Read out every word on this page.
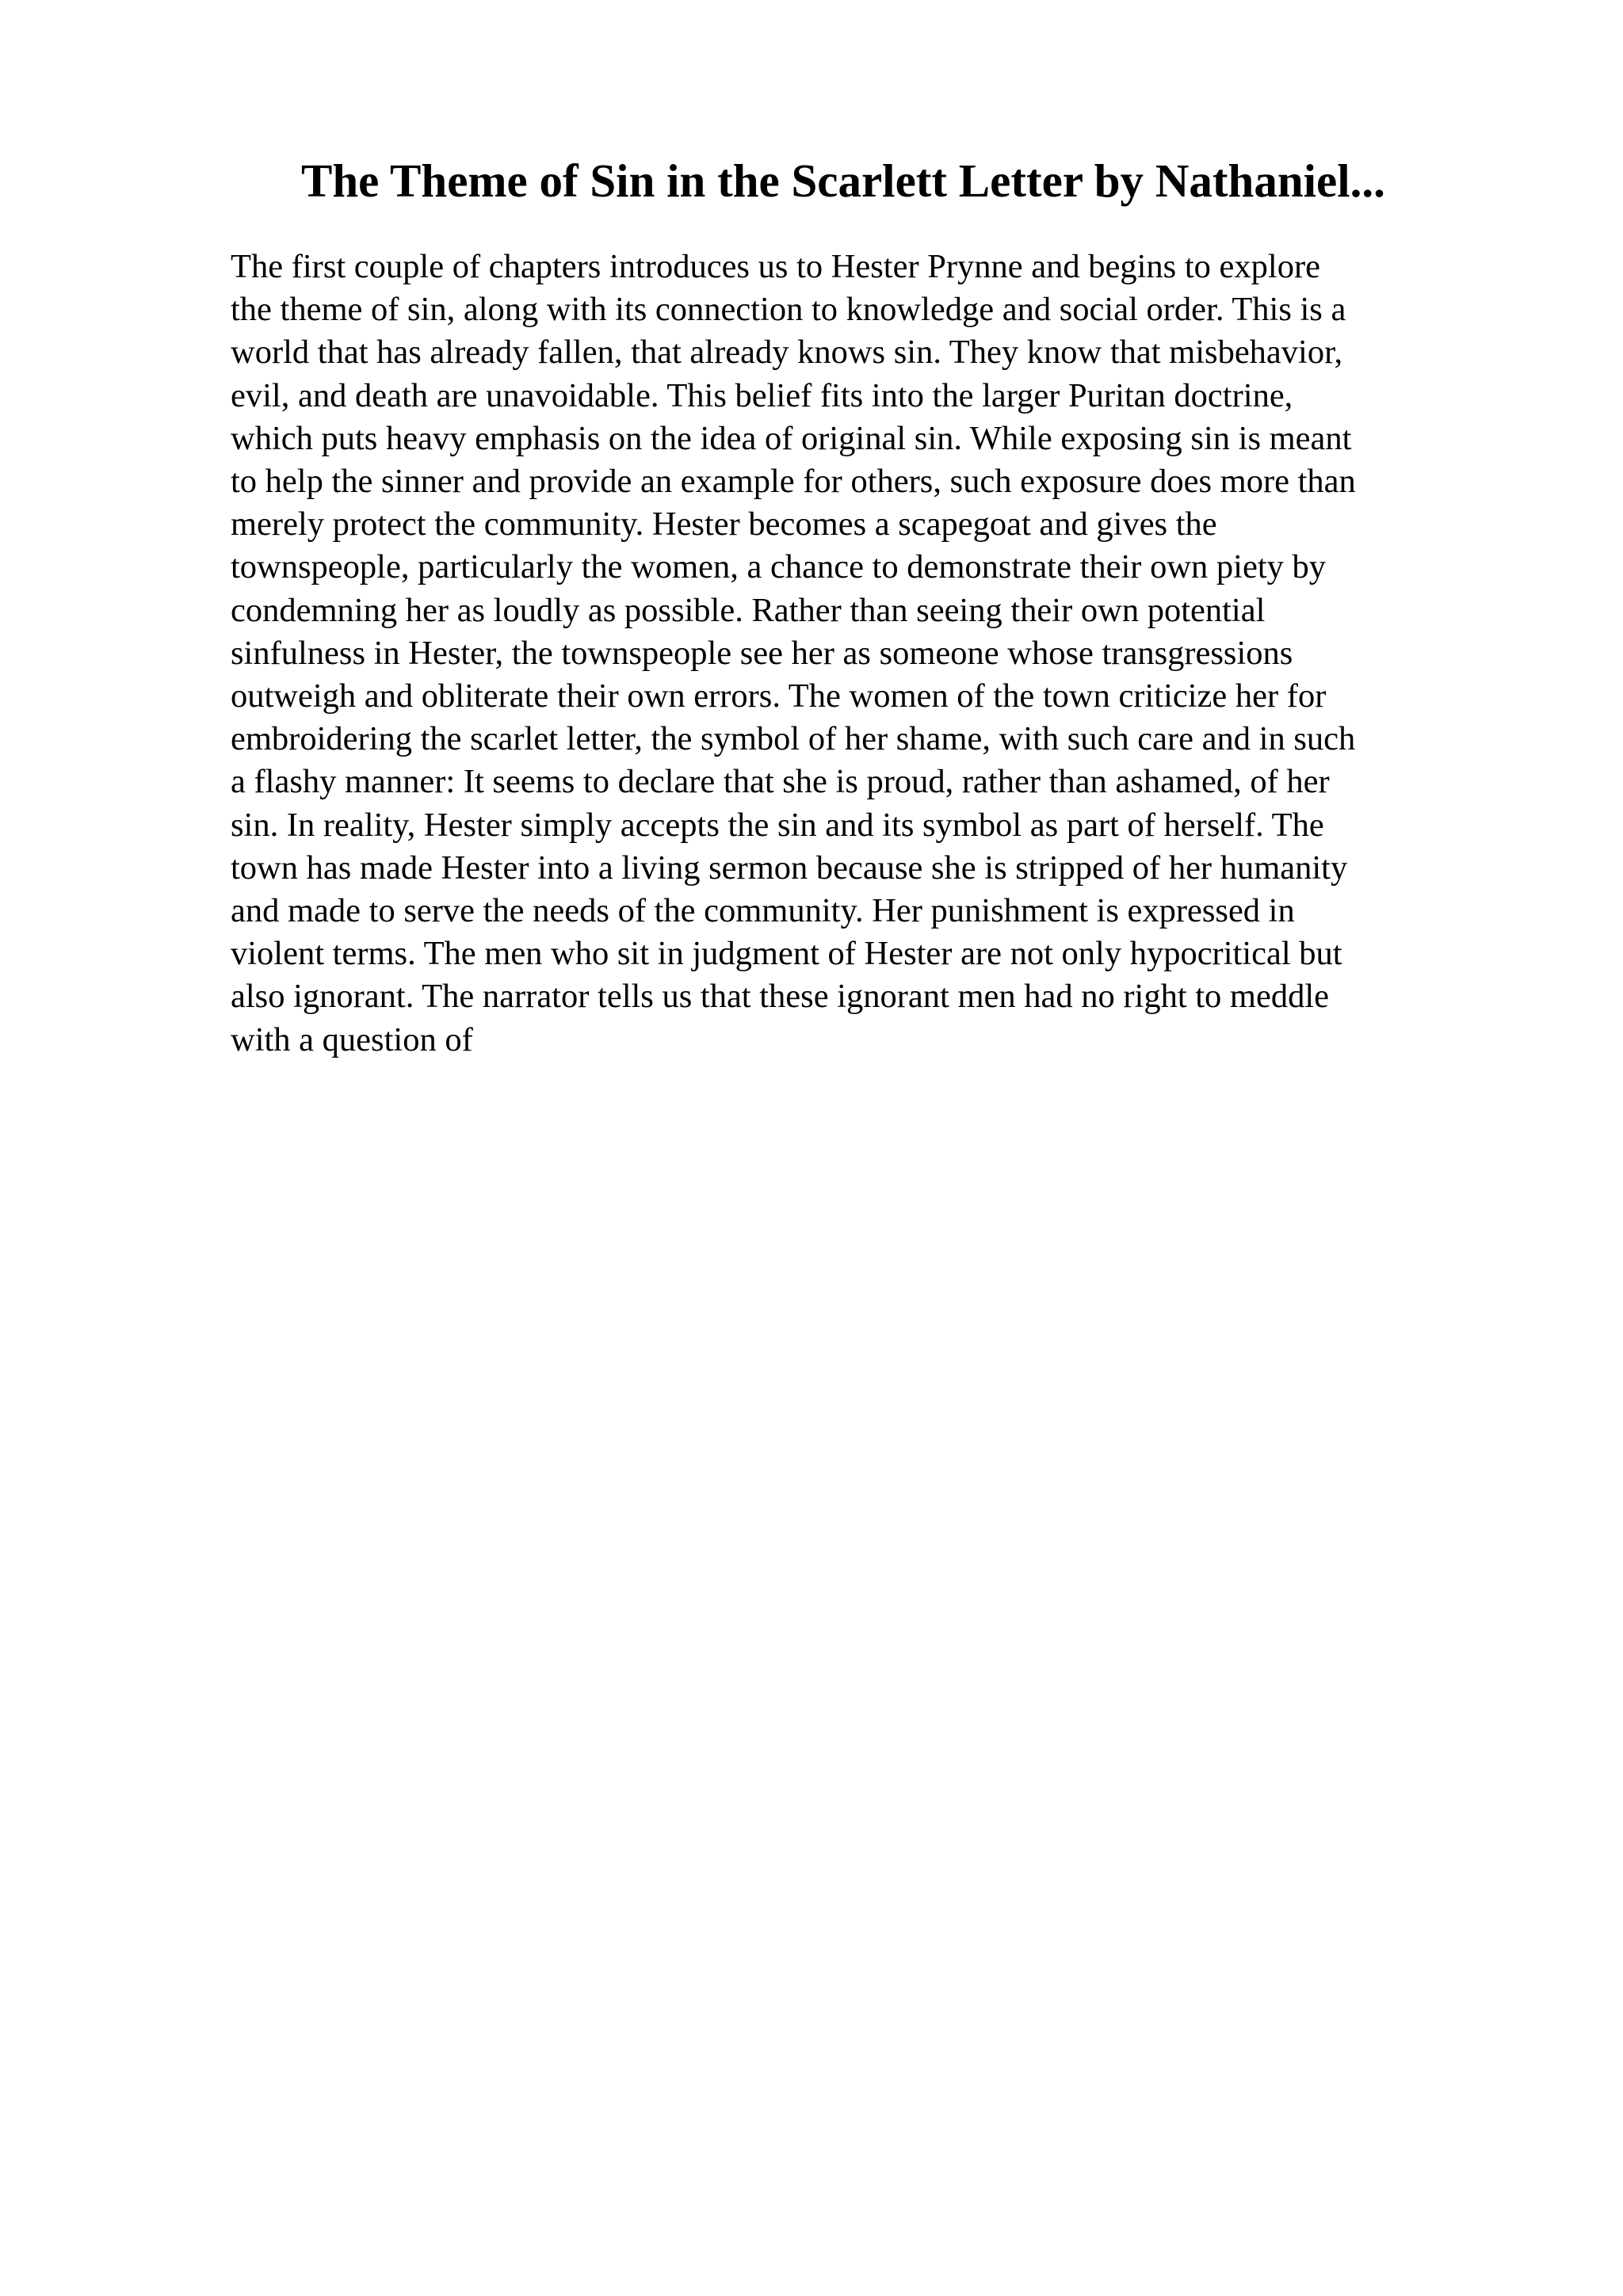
The Theme of Sin in the Scarlett Letter by Nathaniel...
The first couple of chapters introduces us to Hester Prynne and begins to explore
the theme of sin, along with its connection to knowledge and social order. This is a
world that has already fallen, that already knows sin. They know that misbehavior,
evil, and death are unavoidable. This belief fits into the larger Puritan doctrine,
which puts heavy emphasis on the idea of original sin. While exposing sin is meant
to help the sinner and provide an example for others, such exposure does more than
merely protect the community. Hester becomes a scapegoat and gives the
townspeople, particularly the women, a chance to demonstrate their own piety by
condemning her as loudly as possible. Rather than seeing their own potential
sinfulness in Hester, the townspeople see her as someone whose transgressions
outweigh and obliterate their own errors. The women of the town criticize her for
embroidering the scarlet letter, the symbol of her shame, with such care and in such
a flashy manner: It seems to declare that she is proud, rather than ashamed, of her
sin. In reality, Hester simply accepts the sin and its symbol as part of herself. The
town has made Hester into a living sermon because she is stripped of her humanity
and made to serve the needs of the community. Her punishment is expressed in
violent terms. The men who sit in judgment of Hester are not only hypocritical but
also ignorant. The narrator tells us that these ignorant men had no right to meddle
with a question of
